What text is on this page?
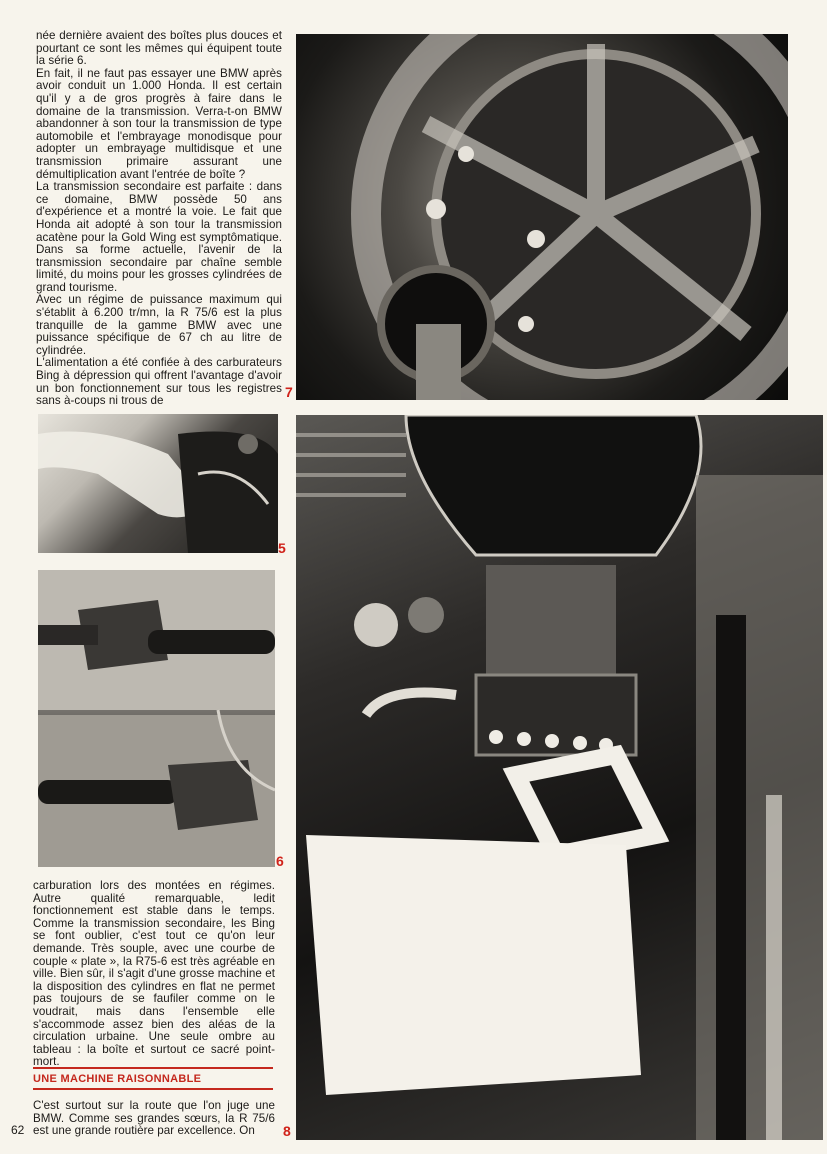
née dernière avaient des boîtes plus douces et pourtant ce sont les mêmes qui équipent toute la série 6.

En fait, il ne faut pas essayer une BMW après avoir conduit un 1.000 Honda. Il est certain qu'il y a de gros progrès à faire dans le domaine de la transmission. Verra-t-on BMW abandonner à son tour la transmission de type automobile et l'embrayage monodisque pour adopter un embrayage multidisque et une transmission primaire assurant une démultiplication avant l'entrée de boîte ?

La transmission secondaire est parfaite : dans ce domaine, BMW possède 50 ans d'expérience et a montré la voie. Le fait que Honda ait adopté à son tour la transmission acatène pour la Gold Wing est symptômatique. Dans sa forme actuelle, l'avenir de la transmission secondaire par chaîne semble limité, du moins pour les grosses cylindrées de grand tourisme.

Avec un régime de puissance maximum qui s'établit à 6.200 tr/mn, la R 75/6 est la plus tranquille de la gamme BMW avec une puissance spécifique de 67 ch au litre de cylindrée.

L'alimentation a été confiée à des carburateurs Bing à dépression qui offrent l'avantage d'avoir un bon fonctionnement sur tous les registres sans à-coups ni trous de

7
5
6
8

carburation lors des montées en régimes. Autre qualité remarquable, ledit fonctionnement est stable dans le temps. Comme la transmission secondaire, les Bing se font oublier, c'est tout ce qu'on leur demande. Très souple, avec une courbe de couple « plate », la R75-6 est très agréable en ville. Bien sûr, il s'agit d'une grosse machine et la disposition des cylindres en flat ne permet pas toujours de se faufiler comme on le voudrait, mais dans l'ensemble elle s'accommode assez bien des aléas de la circulation urbaine. Une seule ombre au tableau : la boîte et surtout ce sacré point-mort.

UNE MACHINE RAISONNABLE

C'est surtout sur la route que l'on juge une BMW. Comme ses grandes sœurs, la R 75/6 est une grande routière par excellence. On

62
